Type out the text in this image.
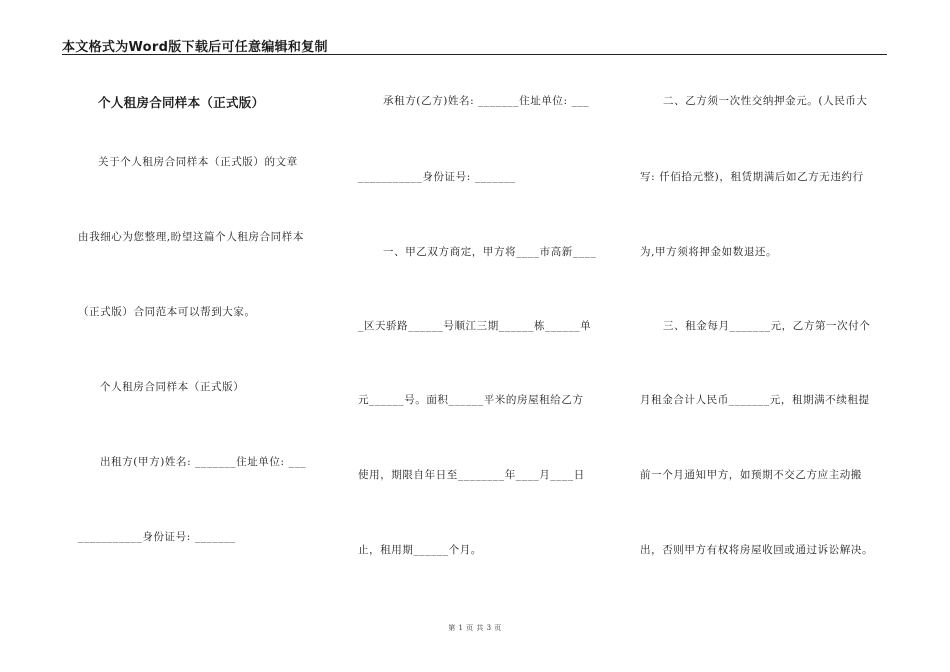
本文格式为Word版下载后可任意编辑和复制
个人租房合同样本（正式版）
关于个人租房合同样本（正式版）的文章
由我细心为您整理,盼望这篇个人租房合同样本
（正式版）合同范本可以帮到大家。
个人租房合同样本（正式版）
出租方(甲方)姓名: _______住址单位: ___
___________身份证号: _______
承租方(乙方)姓名: _______住址单位: ___
___________身份证号: _______
一、甲乙双方商定，甲方将____市高新____
_区天骄路______号顺江三期______栋______单
元______号。面积______平米的房屋租给乙方
使用，期限自年日至________年____月____日
止，租用期______个月。
二、乙方须一次性交纳押金元。(人民币大
写: 仟佰拾元整)，租赁期满后如乙方无违约行
为,甲方须将押金如数退还。
三、租金每月_______元，乙方第一次付个
月租金合计人民币_______元，租期满不续租提
前一个月通知甲方，如预期不交乙方应主动搬
出，否则甲方有权将房屋收回或通过诉讼解决。
第 1 页 共 3 页
